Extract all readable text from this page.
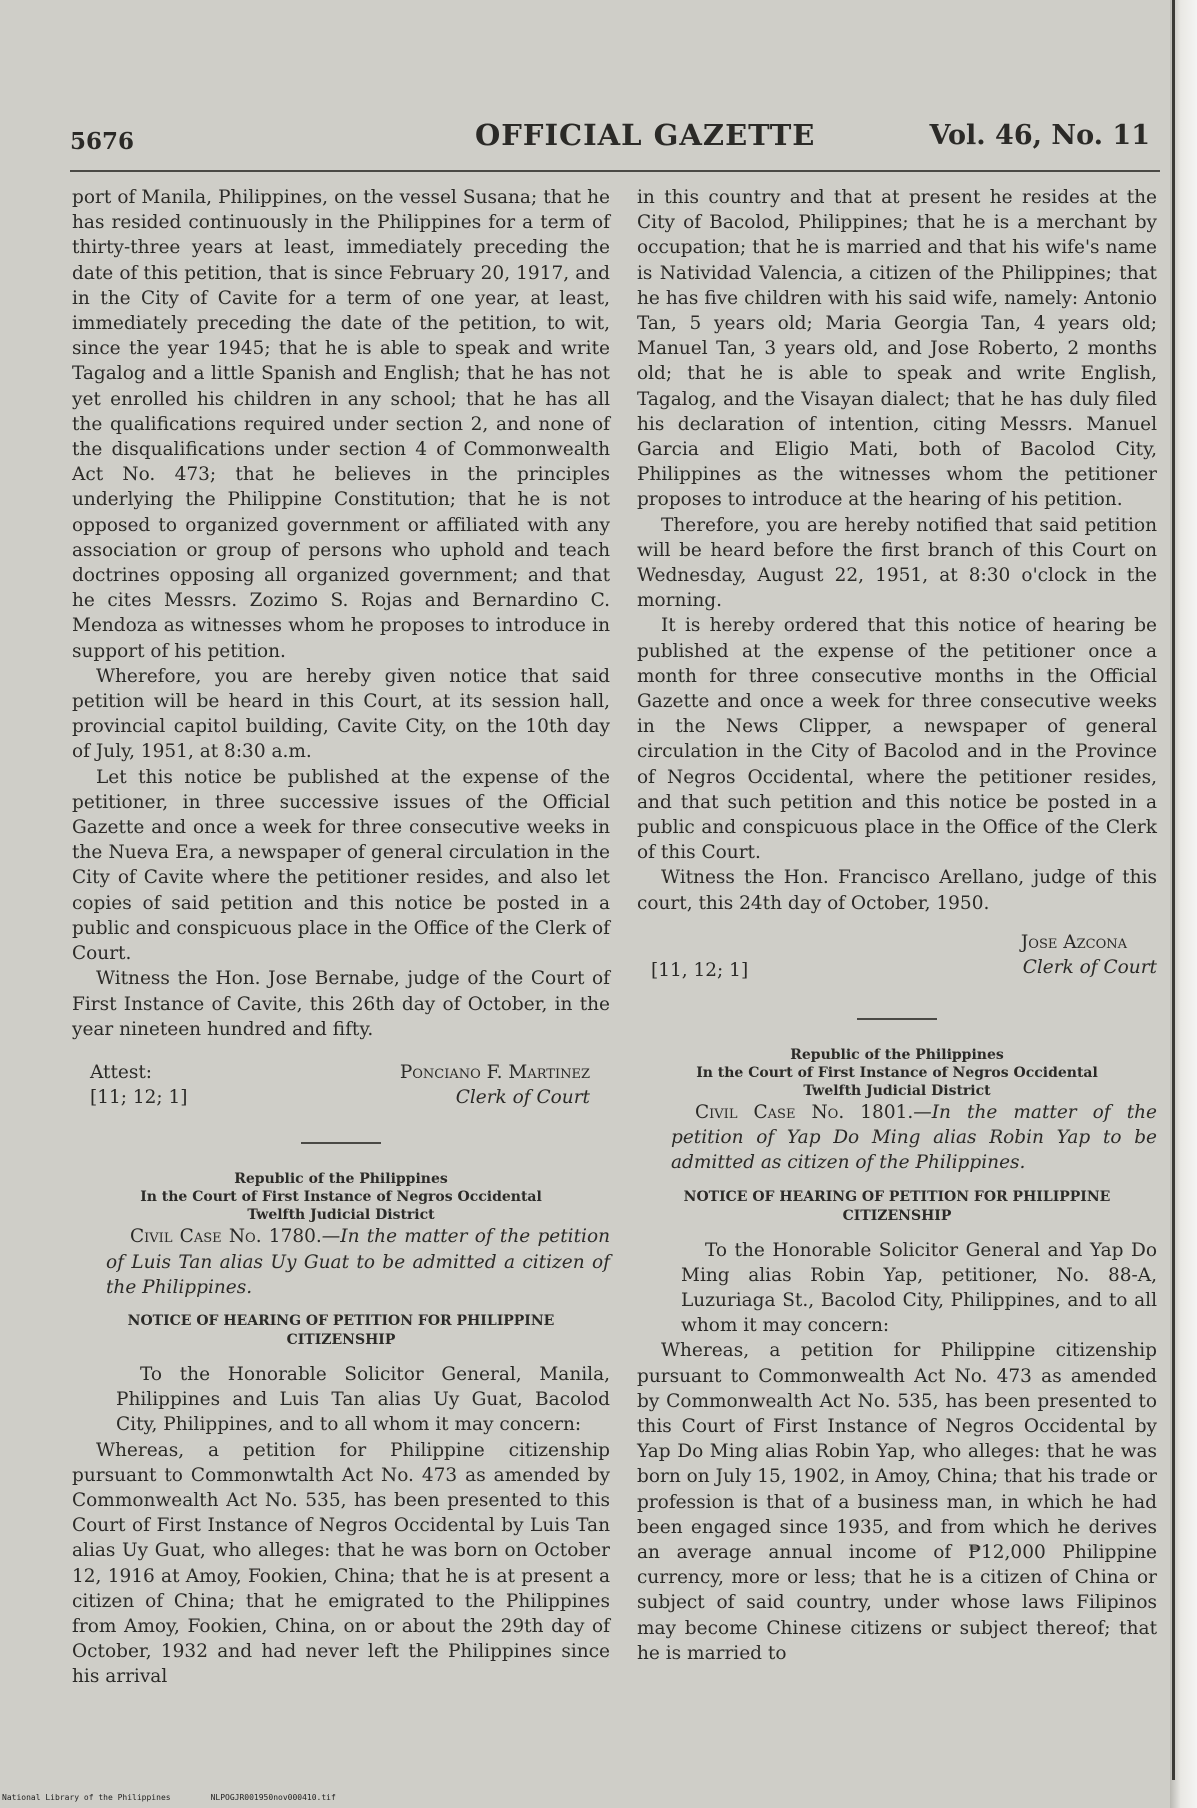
5676	OFFICIAL GAZETTE	Vol. 46, No. 11

port of Manila, Philippines, on the vessel Susana; that he has resided continuously in the Philippines for a term of thirty-three years at least, immediately preceding the date of this petition, that is since February 20, 1917, and in the City of Cavite for a term of one year, at least, immediately preceding the date of the petition, to wit, since the year 1945; that he is able to speak and write Tagalog and a little Spanish and English; that he has not yet enrolled his children in any school; that he has all the qualifications required under section 2, and none of the disqualifications under section 4 of Commonwealth Act No. 473; that he believes in the principles underlying the Philippine Constitution; that he is not opposed to organized government or affiliated with any association or group of persons who uphold and teach doctrines opposing all organized government; and that he cites Messrs. Zozimo S. Rojas and Bernardino C. Mendoza as witnesses whom he proposes to introduce in support of his petition.

Wherefore, you are hereby given notice that said petition will be heard in this Court, at its session hall, provincial capitol building, Cavite City, on the 10th day of July, 1951, at 8:30 a.m.

Let this notice be published at the expense of the petitioner, in three successive issues of the Official Gazette and once a week for three consecutive weeks in the Nueva Era, a newspaper of general circulation in the City of Cavite where the petitioner resides, and also let copies of said petition and this notice be posted in a public and conspicuous place in the Office of the Clerk of Court.

Witness the Hon. Jose Bernabe, judge of the Court of First Instance of Cavite, this 26th day of October, in the year nineteen hundred and fifty.

Attest:
[11; 12; 1]
Ponciano F. Martinez
Clerk of Court
Republic of the Philippines
In the Court of First Instance of Negros Occidental
Twelfth Judicial District

Civil Case No. 1780.—In the matter of the petition of Luis Tan alias Uy Guat to be admitted a citizen of the Philippines.

NOTICE OF HEARING OF PETITION FOR PHILIPPINE CITIZENSHIP

To the Honorable Solicitor General, Manila, Philippines and Luis Tan alias Uy Guat, Bacolod City, Philippines, and to all whom it may concern:

Whereas, a petition for Philippine citizenship pursuant to Commonwtalth Act No. 473 as amended by Commonwealth Act No. 535, has been presented to this Court of First Instance of Negros Occidental by Luis Tan alias Uy Guat, who alleges: that he was born on October 12, 1916 at Amoy, Fookien, China; that he is at present a citizen of China; that he emigrated to the Philippines from Amoy, Fookien, China, on or about the 29th day of October, 1932 and had never left the Philippines since his arrival

in this country and that at present he resides at the City of Bacolod, Philippines; that he is a merchant by occupation; that he is married and that his wife's name is Natividad Valencia, a citizen of the Philippines; that he has five children with his said wife, namely: Antonio Tan, 5 years old; Maria Georgia Tan, 4 years old; Manuel Tan, 3 years old, and Jose Roberto, 2 months old; that he is able to speak and write English, Tagalog, and the Visayan dialect; that he has duly filed his declaration of intention, citing Messrs. Manuel Garcia and Eligio Mati, both of Bacolod City, Philippines as the witnesses whom the petitioner proposes to introduce at the hearing of his petition.

Therefore, you are hereby notified that said petition will be heard before the first branch of this Court on Wednesday, August 22, 1951, at 8:30 o'clock in the morning.

It is hereby ordered that this notice of hearing be published at the expense of the petitioner once a month for three consecutive months in the Official Gazette and once a week for three consecutive weeks in the News Clipper, a newspaper of general circulation in the City of Bacolod and in the Province of Negros Occidental, where the petitioner resides, and that such petition and this notice be posted in a public and conspicuous place in the Office of the Clerk of this Court.

Witness the Hon. Francisco Arellano, judge of this court, this 24th day of October, 1950.

Jose Azcona
Clerk of Court
[11, 12; 1]
Republic of the Philippines
In the Court of First Instance of Negros Occidental
Twelfth Judicial District

Civil Case No. 1801.—In the matter of the petition of Yap Do Ming alias Robin Yap to be admitted as citizen of the Philippines.

NOTICE OF HEARING OF PETITION FOR PHILIPPINE CITIZENSHIP

To the Honorable Solicitor General and Yap Do Ming alias Robin Yap, petitioner, No. 88-A, Luzuriaga St., Bacolod City, Philippines, and to all whom it may concern:

Whereas, a petition for Philippine citizenship pursuant to Commonwealth Act No. 473 as amended by Commonwealth Act No. 535, has been presented to this Court of First Instance of Negros Occidental by Yap Do Ming alias Robin Yap, who alleges: that he was born on July 15, 1902, in Amoy, China; that his trade or profession is that of a business man, in which he had been engaged since 1935, and from which he derives an average annual income of ₱12,000 Philippine currency, more or less; that he is a citizen of China or subject of said country, under whose laws Filipinos may become Chinese citizens or subject thereof; that he is married to

National Library of the Philippines	NLPOGJR001950nov000410.tif
